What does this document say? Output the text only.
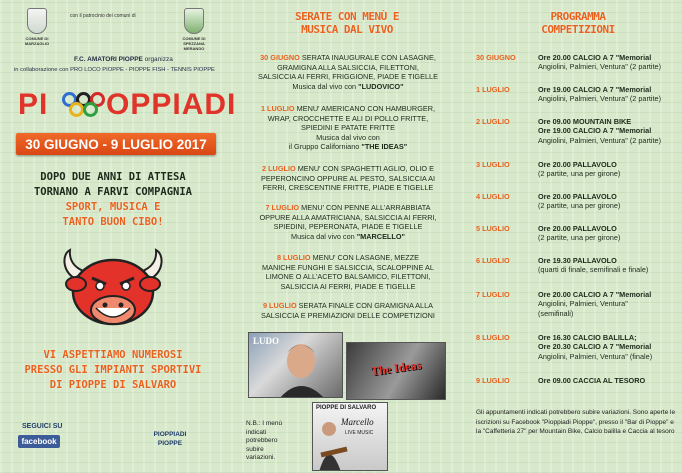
COMUNE DI
MARZAGLIO
con il patrocinio dei comuni di
COMUNE DI
SPEZZANA MERANDO
F.C. AMATORI PIOPPE organizza
in collaborazione con PRO LOCO PIOPPE - PIOPPE FISH - TENNIS PIOPPE
PI OPPIADI
30 GIUGNO - 9 LUGLIO 2017
DOPO DUE ANNI DI ATTESA
TORNANO A FARVI COMPAGNIA
SPORT, MUSICA E
TANTO BUON CIBO!
VI ASPETTIAMO NUMEROSI
PRESSO GLI IMPIANTI SPORTIVI
DI PIOPPE DI SALVARO
SEGUICI SU
facebook
PIOPPIADI
PIOPPE
SERATE CON MENÙ E
MUSICA DAL VIVO
30 GIUGNO SERATA INAUGURALE CON LASAGNE,
GRAMIGNA ALLA SALSICCIA, FILETTONI,
SALSICCIA AI FERRI, FRIGGIONE, PIADE E TIGELLE
Musica dal vivo con "LUDOVICO"
1 LUGLIO MENU' AMERICANO CON HAMBURGER,
WRAP, CROCCHETTE E ALI DI POLLO FRITTE,
SPIEDINI E PATATE FRITTE
Musica dal vivo con
il Gruppo Californiano "THE IDEAS"
2 LUGLIO MENU' CON SPAGHETTI AGLIO, OLIO E
PEPERONCINO OPPURE AL PESTO, SALSICCIA AI
FERRI, CRESCENTINE FRITTE, PIADE E TIGELLE
7 LUGLIO MENU' CON PENNE ALL'ARRABBIATA
OPPURE ALLA AMATRICIANA, SALSICCIA AI FERRI,
SPIEDINI, PEPERONATA, PIADE E TIGELLE
Musica dal vivo con "MARCELLO"
8 LUGLIO MENU' CON LASAGNE, MEZZE
MANICHE FUNGHI E SALSICCIA, SCALOPPINE AL
LIMONE O ALL'ACETO BALSAMICO, FILETTONI,
SALSICCIA AI FERRI, PIADE E TIGELLE
9 LUGLIO SERATA FINALE CON GRAMIGNA ALLA
SALSICCIA E PREMIAZIONI DELLE COMPETIZIONI
LUDO
The Ideas
PIOPPE DI SALVARO
Marcello
LIVE MUSIC
N.B.: I menù indicati potrebbero subire variazioni.
PROGRAMMA
COMPETIZIONI
30 GIUGNO	Ore 20.00 CALCIO A 7 "Memorial
Angiolini, Palmieri, Ventura" (2 partite)
1 LUGLIO	Ore 19.00 CALCIO A 7 "Memorial
Angiolini, Palmieri, Ventura" (2 partite)
2 LUGLIO	Ore 09.00 MOUNTAIN BIKE
Ore 19.00 CALCIO A 7 "Memorial
Angiolini, Palmieri, Ventura" (2 partite)
3 LUGLIO	Ore 20.00 PALLAVOLO
(2 partite, una per girone)
4 LUGLIO	Ore 20.00 PALLAVOLO
(2 partite, una per girone)
5 LUGLIO	Ore 20.00 PALLAVOLO
(2 partite, una per girone)
6 LUGLIO	Ore 19.30 PALLAVOLO
(quarti di finale, semifinali e finale)
7 LUGLIO	Ore 20.00 CALCIO A 7 "Memorial
Angiolini, Palmieri, Ventura"
(semifinali)
8 LUGLIO	Ore 16.30 CALCIO BALILLA;
Ore 20.30 CALCIO A 7 "Memorial
Angiolini, Palmieri, Ventura" (finale)
9 LUGLIO	Ore 09.00 CACCIA AL TESORO
Gli appuntamenti indicati potrebbero subire variazioni. Sono aperte le iscrizioni su Facebook "Pioppiadi Pioppe", presso il "Bar di Pioppe" e la "Caffetteria 27" per Mountain Bike, Calcio balilla e Caccia al tesoro
